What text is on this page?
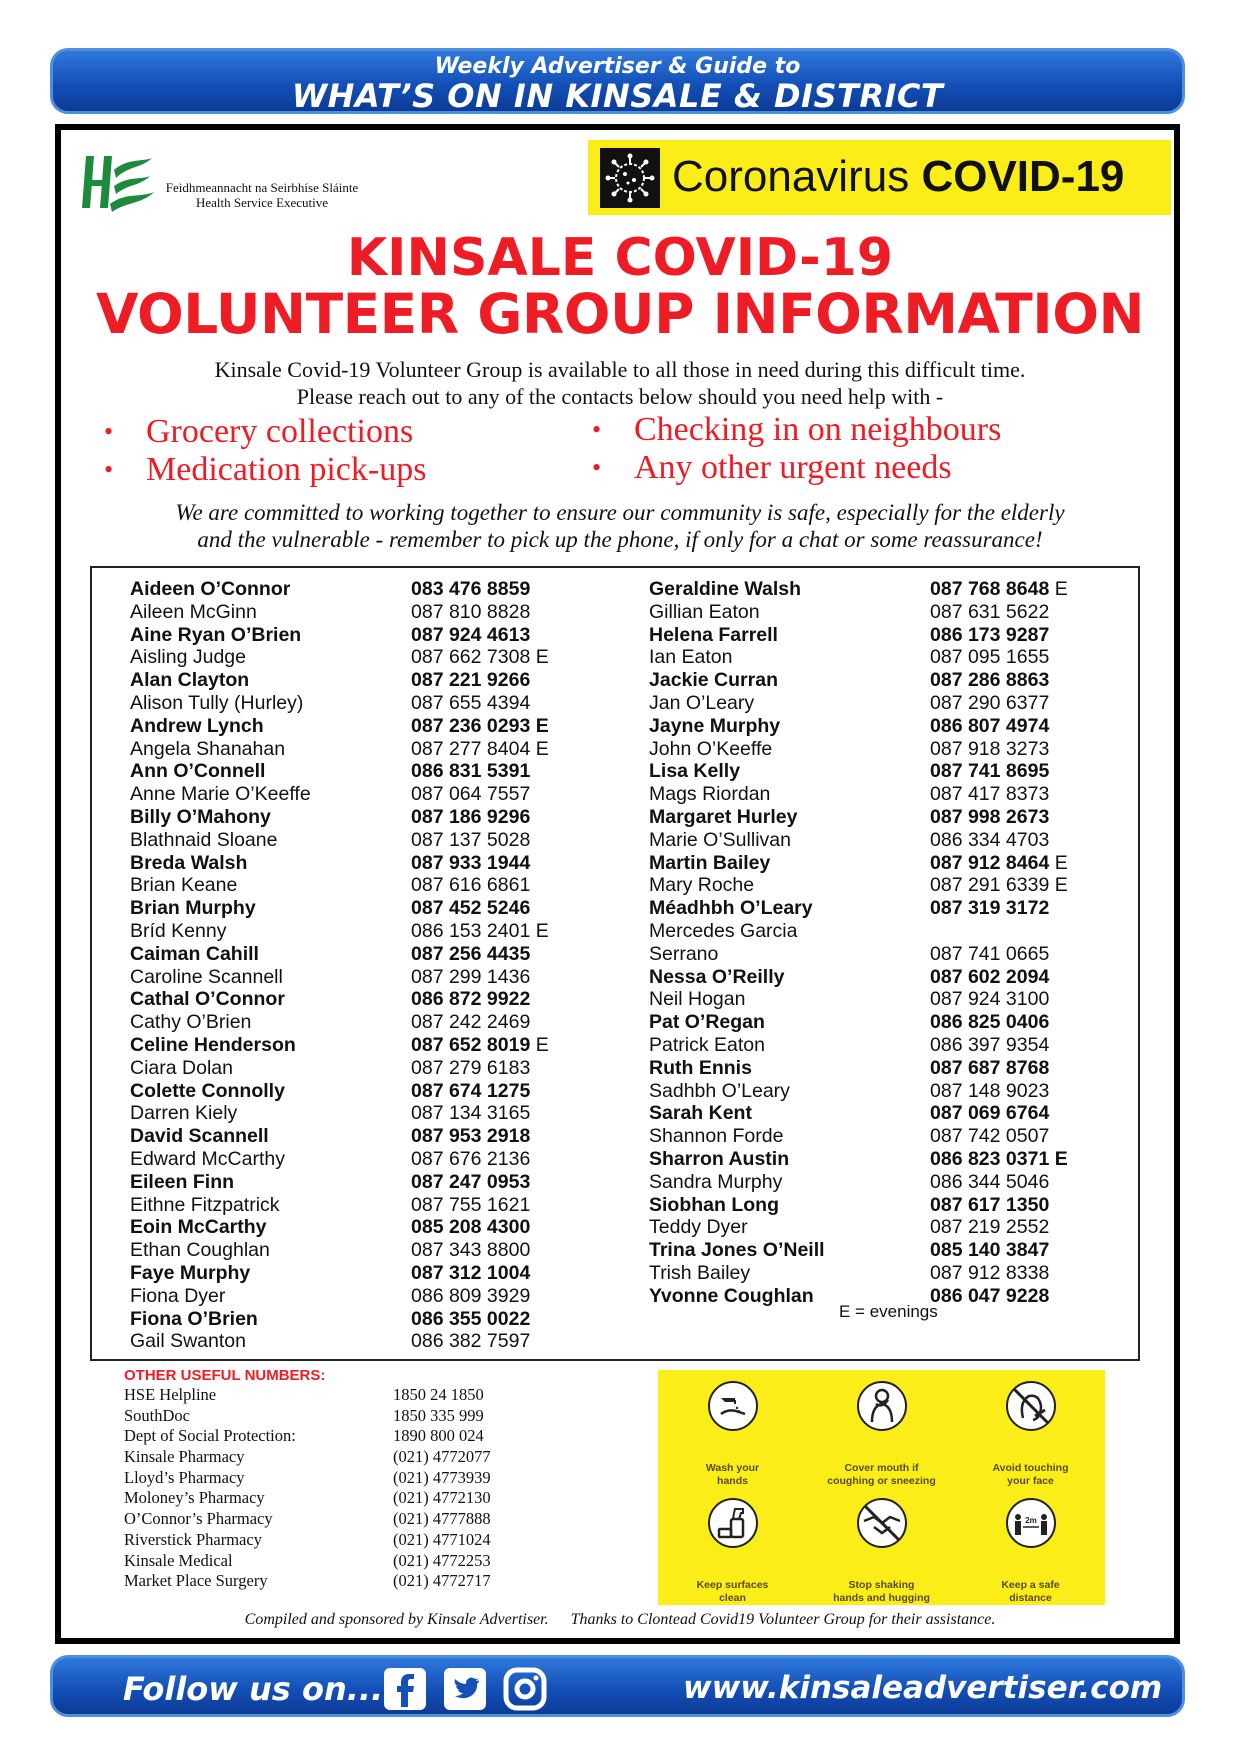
Weekly Advertiser & Guide to
WHAT’S ON IN KINSALE & DISTRICT
Feidhmeannacht na Seirbhíse Sláinte
Health Service Executive
Coronavirus COVID-19
KINSALE COVID-19
VOLUNTEER GROUP INFORMATION
Kinsale Covid-19 Volunteer Group is available to all those in need during this difficult time.
Please reach out to any of the contacts below should you need help with -
• Grocery collections
• Medication pick-ups
• Checking in on neighbours
• Any other urgent needs
We are committed to working together to ensure our community is safe, especially for the elderly
and the vulnerable - remember to pick up the phone, if only for a chat or some reassurance!
Aideen O’Connor	083 476 8859
Aileen McGinn	087 810 8828
Aine Ryan O’Brien	087 924 4613
Aisling Judge	087 662 7308 E
Alan Clayton	087 221 9266
Alison Tully (Hurley)	087 655 4394
Andrew Lynch	087 236 0293 E
Angela Shanahan	087 277 8404 E
Ann O’Connell	086 831 5391
Anne Marie O’Keeffe	087 064 7557
Billy O’Mahony	087 186 9296
Blathnaid Sloane	087 137 5028
Breda Walsh	087 933 1944
Brian Keane	087 616 6861
Brian Murphy	087 452 5246
Bríd Kenny	086 153 2401 E
Caiman Cahill	087 256 4435
Caroline Scannell	087 299 1436
Cathal O’Connor	086 872 9922
Cathy O’Brien	087 242 2469
Celine Henderson	087 652 8019 E
Ciara Dolan	087 279 6183
Colette Connolly	087 674 1275
Darren Kiely	087 134 3165
David Scannell	087 953 2918
Edward McCarthy	087 676 2136
Eileen Finn	087 247 0953
Eithne Fitzpatrick	087 755 1621
Eoin McCarthy	085 208 4300
Ethan Coughlan	087 343 8800
Faye Murphy	087 312 1004
Fiona Dyer	086 809 3929
Fiona O’Brien	086 355 0022
Gail Swanton	086 382 7597
Geraldine Walsh	087 768 8648 E
Gillian Eaton	087 631 5622
Helena Farrell	086 173 9287
Ian Eaton	087 095 1655
Jackie Curran	087 286 8863
Jan O’Leary	087 290 6377
Jayne Murphy	086 807 4974
John O’Keeffe	087 918 3273
Lisa Kelly	087 741 8695
Mags Riordan	087 417 8373
Margaret Hurley	087 998 2673
Marie O’Sullivan	086 334 4703
Martin Bailey	087 912 8464 E
Mary Roche	087 291 6339 E
Méadhbh O’Leary	087 319 3172
Mercedes Garcia
Serrano	087 741 0665
Nessa O’Reilly	087 602 2094
Neil Hogan	087 924 3100
Pat O’Regan	086 825 0406
Patrick Eaton	086 397 9354
Ruth Ennis	087 687 8768
Sadhbh O’Leary	087 148 9023
Sarah Kent	087 069 6764
Shannon Forde	087 742 0507
Sharron Austin	086 823 0371 E
Sandra Murphy	086 344 5046
Siobhan Long	087 617 1350
Teddy Dyer	087 219 2552
Trina Jones O’Neill	085 140 3847
Trish Bailey	087 912 8338
Yvonne Coughlan	086 047 9228
E = evenings
OTHER USEFUL NUMBERS:
HSE Helpline	1850 24 1850
SouthDoc	1850 335 999
Dept of Social Protection:	1890 800 024
Kinsale Pharmacy	(021) 4772077
Lloyd’s Pharmacy	(021) 4773939
Moloney’s Pharmacy	(021) 4772130
O’Connor’s Pharmacy	(021) 4777888
Riverstick Pharmacy	(021) 4771024
Kinsale Medical	(021) 4772253
Market Place Surgery	(021) 4772717
Wash your
hands
Cover mouth if
coughing or sneezing
Avoid touching
your face
Keep surfaces
clean
Stop shaking
hands and hugging
2m
Keep a safe
distance
Compiled and sponsored by Kinsale Advertiser. Thanks to Clontead Covid19 Volunteer Group for their assistance.
Follow us on...	www.kinsaleadvertiser.com
